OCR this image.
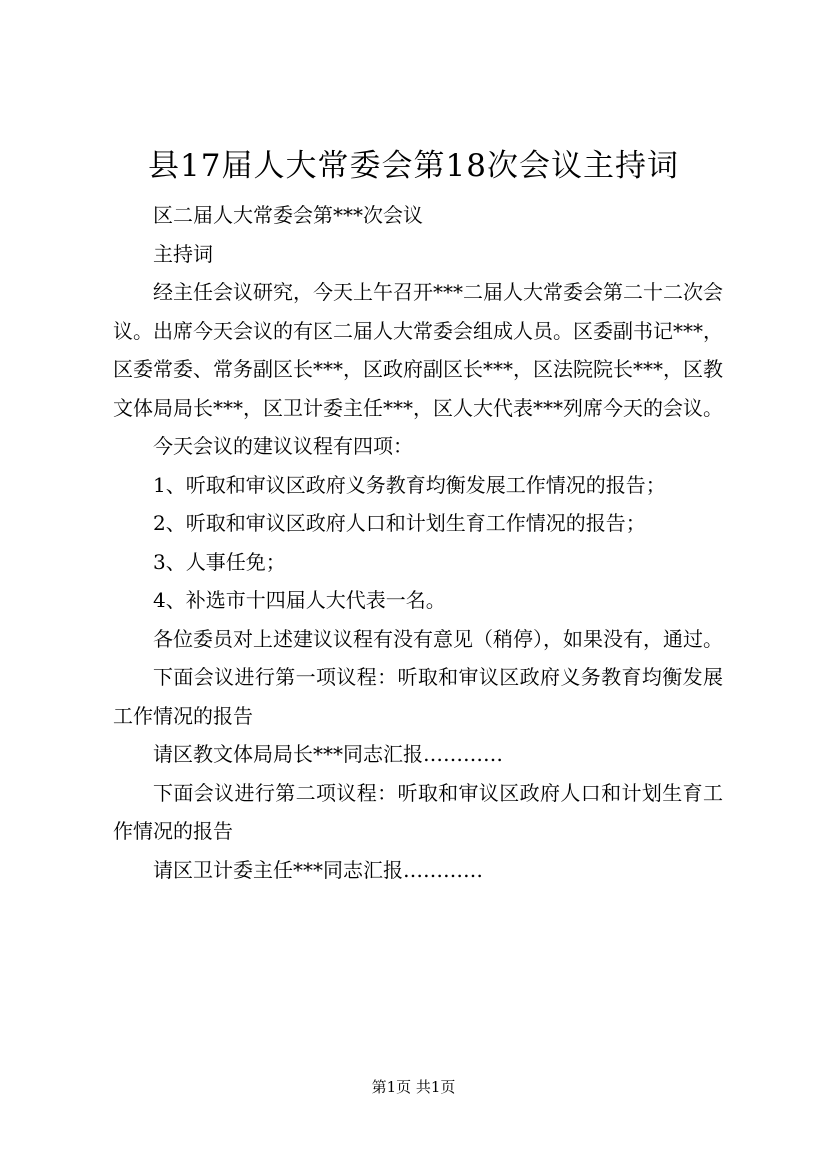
县17届人大常委会第18次会议主持词

区二届人大常委会第***次会议

主持词

经主任会议研究，今天上午召开***二届人大常委会第二十二次会议。出席今天会议的有区二届人大常委会组成人员。区委副书记***，区委常委、常务副区长***，区政府副区长***，区法院院长***，区教文体局局长***，区卫计委主任***，区人大代表***列席今天的会议。

今天会议的建议议程有四项：

1、听取和审议区政府义务教育均衡发展工作情况的报告；

2、听取和审议区政府人口和计划生育工作情况的报告；

3、人事任免；

4、补选市十四届人大代表一名。

各位委员对上述建议议程有没有意见（稍停），如果没有，通过。

下面会议进行第一项议程：听取和审议区政府义务教育均衡发展工作情况的报告

请区教文体局局长***同志汇报…………

下面会议进行第二项议程：听取和审议区政府人口和计划生育工作情况的报告

请区卫计委主任***同志汇报…………

第1页 共1页
